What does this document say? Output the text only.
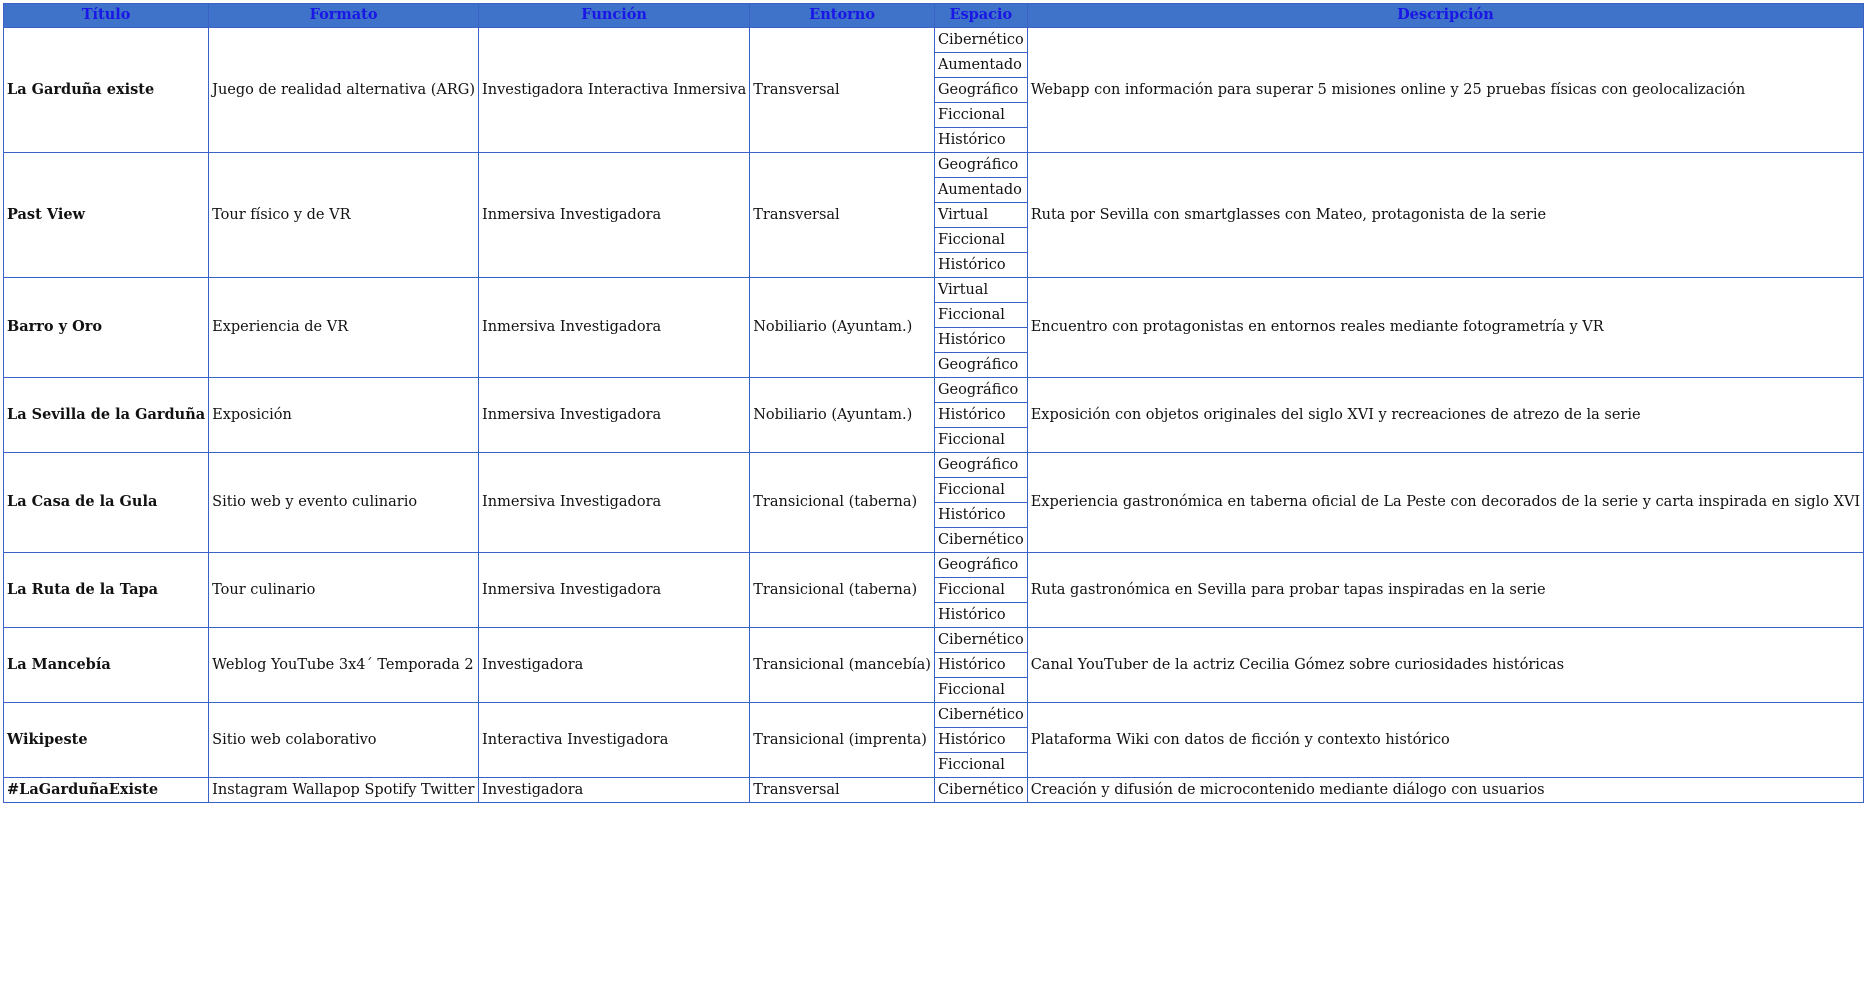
Título	Formato	Función	Entorno	Espacio	Descripción
La Garduña existe	Juego de realidad alternativa (ARG)	Investigadora Interactiva Inmersiva	Transversal	Cibernético	Webapp con información para superar 5 misiones online y 25 pruebas físicas con geolocalización
				Aumentado	
				Geográfico	
				Ficcional	
				Histórico	
Past View	Tour físico y de VR	Inmersiva Investigadora	Transversal	Geográfico	Ruta por Sevilla con smartglasses con Mateo, protagonista de la serie
				Aumentado	
				Virtual	
				Ficcional	
				Histórico	
Barro y Oro	Experiencia de VR	Inmersiva Investigadora	Nobiliario (Ayuntam.)	Virtual	Encuentro con protagonistas en entornos reales mediante fotogrametría y VR
				Ficcional	
				Histórico	
				Geográfico	
La Sevilla de la Garduña	Exposición	Inmersiva Investigadora	Nobiliario (Ayuntam.)	Geográfico	Exposición con objetos originales del siglo XVI y recreaciones de atrezo de la serie
				Histórico	
				Ficcional	
La Casa de la Gula	Sitio web y evento culinario	Inmersiva Investigadora	Transicional (taberna)	Geográfico	Experiencia gastronómica en taberna oficial de La Peste con decorados de la serie y carta inspirada en siglo XVI
				Ficcional	
				Histórico	
				Cibernético	
La Ruta de la Tapa	Tour culinario	Inmersiva Investigadora	Transicional (taberna)	Geográfico	Ruta gastronómica en Sevilla para probar tapas inspiradas en la serie
				Ficcional	
				Histórico	
La Mancebía	Weblog YouTube 3x4´ Temporada 2	Investigadora	Transicional (mancebía)	Cibernético	Canal YouTuber de la actriz Cecilia Gómez sobre curiosidades históricas
				Histórico	
				Ficcional	
Wikipeste	Sitio web colaborativo	Interactiva Investigadora	Transicional (imprenta)	Cibernético	Plataforma Wiki con datos de ficción y contexto histórico
				Histórico	
				Ficcional	
#LaGarduñaExiste	Instagram Wallapop Spotify Twitter	Investigadora	Transversal	Cibernético	Creación y difusión de microcontenido mediante diálogo con usuarios
